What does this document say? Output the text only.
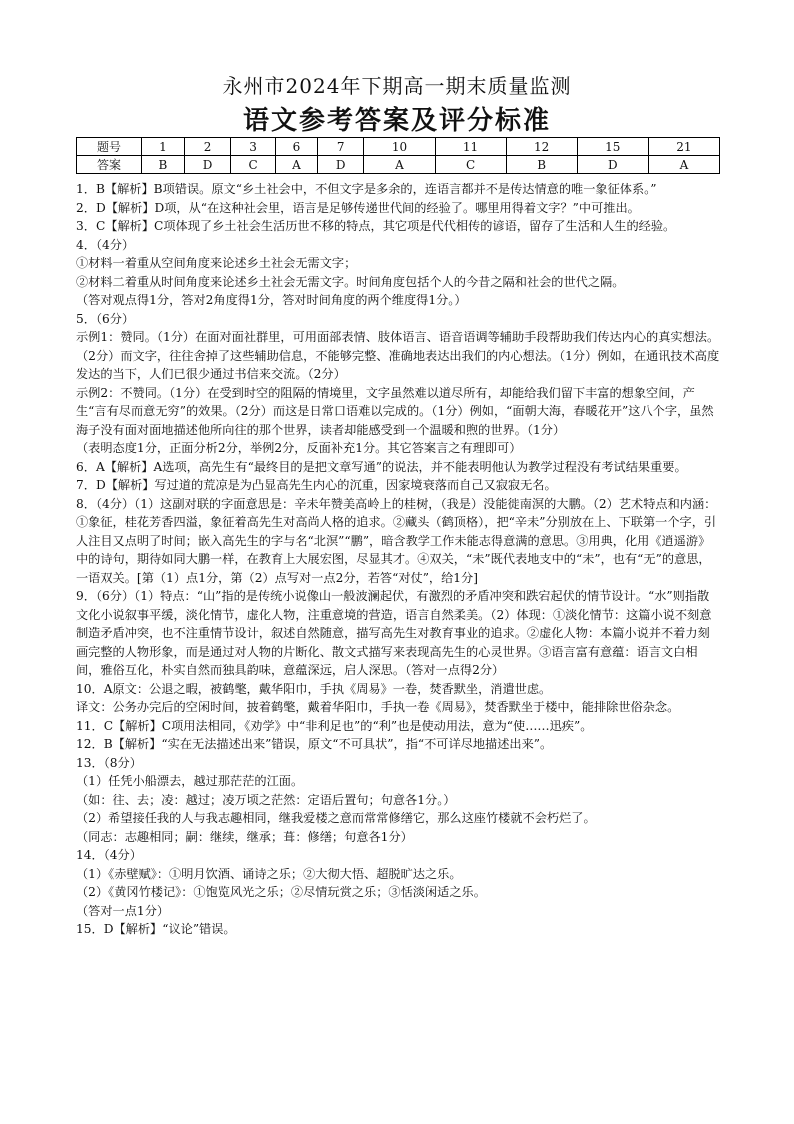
永州市2024年下期高一期末质量监测
语文参考答案及评分标准
题号	1	2	3	6	7	10	11	12	15	21
答案	B	D	C	A	D	A	C	B	D	A

1．B【解析】B项错误。原文“乡土社会中，不但文字是多余的，连语言都并不是传达情意的唯一象征体系。”

2．D【解析】D项，从“在这种社会里，语言是足够传递世代间的经验了。哪里用得着文字？”中可推出。

3．C【解析】C项体现了乡土社会生活历世不移的特点，其它项是代代相传的谚语，留存了生活和人生的经验。

4．（4分）

①材料一着重从空间角度来论述乡土社会无需文字；

②材料二着重从时间角度来论述乡土社会无需文字。时间角度包括个人的今昔之隔和社会的世代之隔。

（答对观点得1分，答对2角度得1分，答对时间角度的两个维度得1分。）

5．（6分）

示例1：赞同。（1分）在面对面社群里，可用面部表情、肢体语言、语音语调等辅助手段帮助我们传达内心的真实想法。（2分）而文字，往往舍掉了这些辅助信息，不能够完整、准确地表达出我们的内心想法。（1分）例如，在通讯技术高度发达的当下，人们已很少通过书信来交流。（2分）

示例2：不赞同。（1分）在受到时空的阻隔的情境里，文字虽然难以道尽所有，却能给我们留下丰富的想象空间，产生“言有尽而意无穷”的效果。（2分）而这是日常口语难以完成的。（1分）例如，“面朝大海，春暖花开”这八个字，虽然海子没有面对面地描述他所向往的那个世界，读者却能感受到一个温暖和煦的世界。（1分）

（表明态度1分，正面分析2分，举例2分，反面补充1分。其它答案言之有理即可）

6．A【解析】A选项，高先生有“最终目的是把文章写通”的说法，并不能表明他认为教学过程没有考试结果重要。

7．D【解析】写过道的荒凉是为凸显高先生内心的沉重，因家境衰落而自己又寂寂无名。

8．（4分）（1）这副对联的字面意思是：辛未年赞美高岭上的桂树，（我是）没能徙南溟的大鹏。（2）艺术特点和内涵：①象征，桂花芳香四溢，象征着高先生对高尚人格的追求。②藏头（鹤顶格），把“辛未”分别放在上、下联第一个字，引人注目又点明了时间；嵌入高先生的字与名“北溟”“鹏”，暗含教学工作未能志得意满的意思。③用典，化用《逍遥游》中的诗句，期待如同大鹏一样，在教育上大展宏图，尽显其才。④双关，“未”既代表地支中的“未”，也有“无”的意思，一语双关。[第（1）点1分，第（2）点写对一点2分，若答“对仗”，给1分]

9．（6分）（1）特点：“山”指的是传统小说像山一般波澜起伏，有激烈的矛盾冲突和跌宕起伏的情节设计。“水”则指散文化小说叙事平缓，淡化情节，虚化人物，注重意境的营造，语言自然柔美。（2）体现：①淡化情节：这篇小说不刻意制造矛盾冲突，也不注重情节设计，叙述自然随意，描写高先生对教育事业的追求。②虚化人物：本篇小说并不着力刻画完整的人物形象，而是通过对人物的片断化、散文式描写来表现高先生的心灵世界。③语言富有意蕴：语言文白相间，雅俗互化，朴实自然而独具韵味，意蕴深远，启人深思。（答对一点得2分）

10．A原文：公退之暇，被鹤氅，戴华阳巾，手执《周易》一卷，焚香默坐，消遣世虑。

译文：公务办完后的空闲时间，披着鹤氅，戴着华阳巾，手执一卷《周易》，焚香默坐于楼中，能排除世俗杂念。

11．C【解析】C项用法相同，《劝学》中“非利足也”的“利”也是使动用法，意为“使……迅疾”。

12．B【解析】“实在无法描述出来”错误，原文“不可具状”，指“不可详尽地描述出来”。

13．（8分）

（1）任凭小船漂去，越过那茫茫的江面。

（如：往、去；凌：越过；凌万顷之茫然：定语后置句；句意各1分。）

（2）希望接任我的人与我志趣相同，继我爱楼之意而常常修缮它，那么这座竹楼就不会朽烂了。

（同志：志趣相同；嗣：继续，继承；葺：修缮；句意各1分）

14．（4分）

（1）《赤壁赋》：①明月饮酒、诵诗之乐；②大彻大悟、超脱旷达之乐。

（2）《黄冈竹楼记》：①饱览风光之乐；②尽情玩赏之乐；③恬淡闲适之乐。

（答对一点1分）

15．D【解析】“议论”错误。
